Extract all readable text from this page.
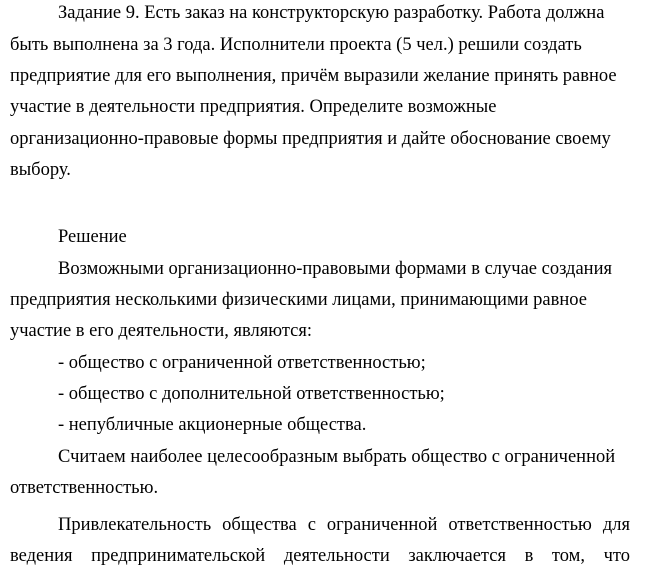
Задание 9. Есть заказ на конструкторскую разработку. Работа должна
быть выполнена за 3 года. Исполнители проекта (5 чел.) решили создать
предприятие для его выполнения, причём выразили желание принять равное
участие в деятельности предприятия. Определите возможные
организационно-правовые формы предприятия и дайте обоснование своему
выбору.
Решение
Возможными организационно-правовыми формами в случае создания
предприятия несколькими физическими лицами, принимающими равное
участие в его деятельности, являются:
- общество с ограниченной ответственностью;
- общество с дополнительной ответственностью;
- непубличные акционерные общества.
Считаем наиболее целесообразным выбрать общество с ограниченной
ответственностью.
Привлекательность общества с ограниченной ответственностью для
ведения предпринимательской деятельности заключается в том, что
